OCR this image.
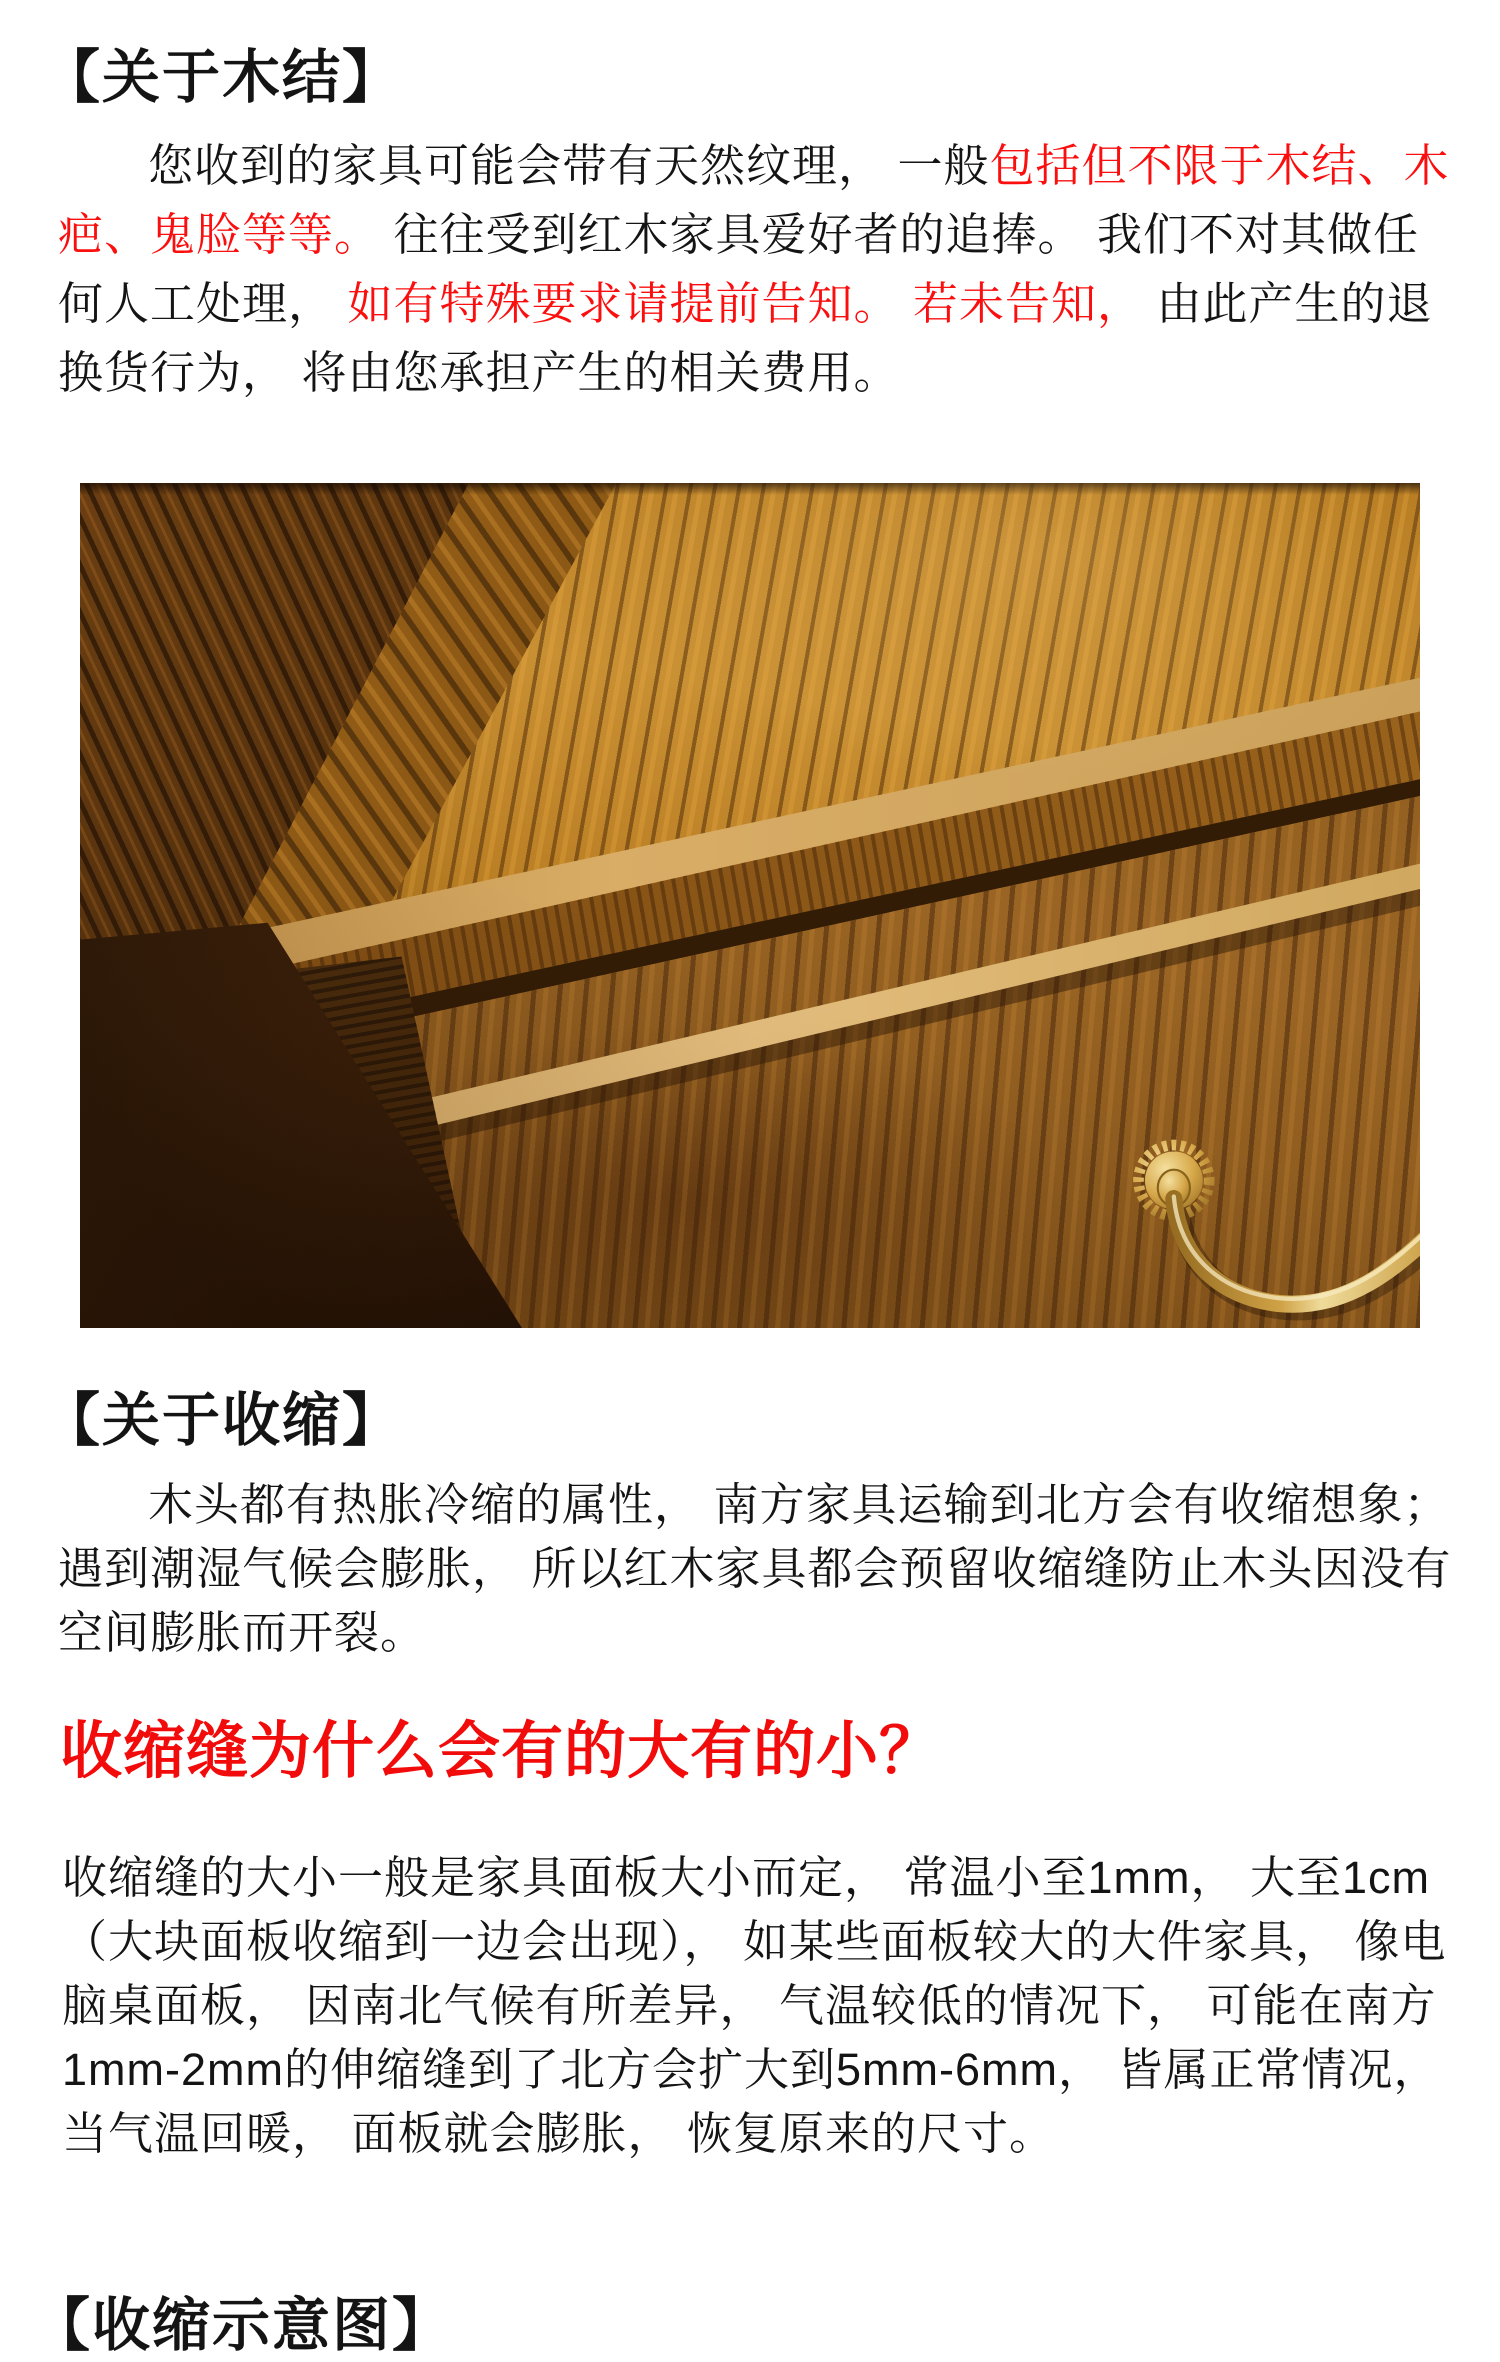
【关于木结】

您收到的家具可能会带有天然纹理， 一般包括但不限于木结、木疤、鬼脸等等。 往往受到红木家具爱好者的追捧。 我们不对其做任何人工处理， 如有特殊要求请提前告知。 若未告知， 由此产生的退换货行为， 将由您承担产生的相关费用。

【关于收缩】

木头都有热胀冷缩的属性， 南方家具运输到北方会有收缩想象；遇到潮湿气候会膨胀， 所以红木家具都会预留收缩缝防止木头因没有空间膨胀而开裂。

收缩缝为什么会有的大有的小？

收缩缝的大小一般是家具面板大小而定， 常温小至1mm， 大至1cm（大块面板收缩到一边会出现）， 如某些面板较大的大件家具， 像电脑桌面板， 因南北气候有所差异， 气温较低的情况下， 可能在南方1mm-2mm的伸缩缝到了北方会扩大到5mm-6mm， 皆属正常情况， 当气温回暖， 面板就会膨胀， 恢复原来的尺寸。

【收缩示意图】
